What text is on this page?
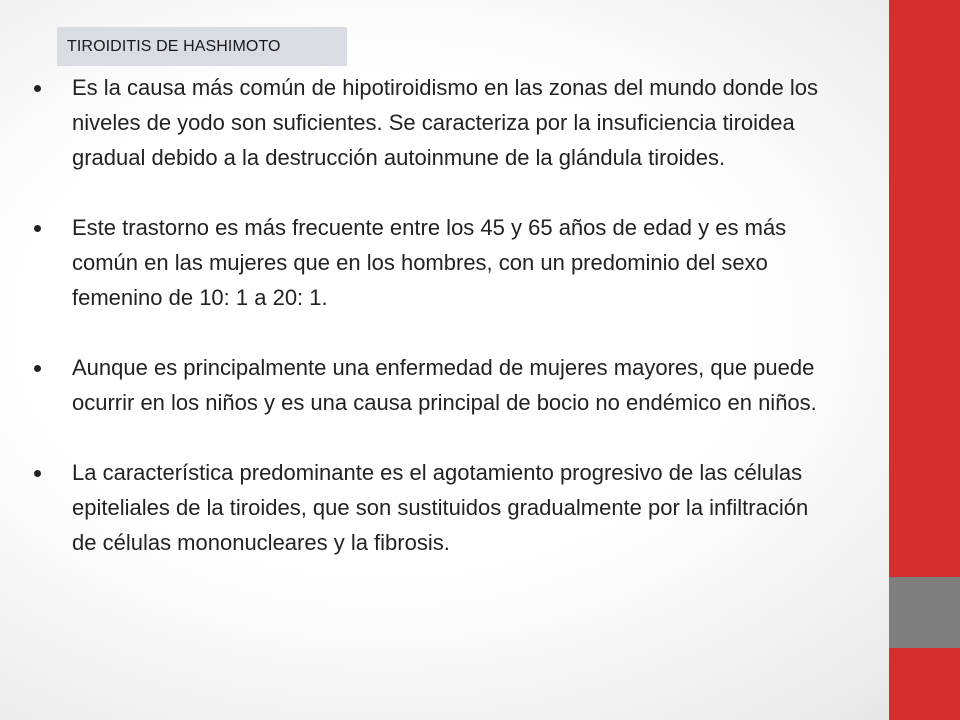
TIROIDITIS DE HASHIMOTO
Es la causa más común de hipotiroidismo en las zonas del mundo donde los niveles de yodo son suficientes. Se caracteriza por la insuficiencia tiroidea gradual debido a la destrucción autoinmune de la glándula tiroides.
Este trastorno es más frecuente entre los 45 y 65 años de edad y es más común en las mujeres que en los hombres, con un predominio del sexo femenino de 10: 1 a 20: 1.
Aunque es principalmente una enfermedad de mujeres mayores, que puede ocurrir en los niños y es una causa principal de bocio no endémico en niños.
La característica predominante es el agotamiento progresivo de las células epiteliales de la tiroides, que son sustituidos gradualmente por la infiltración de células mononucleares y la fibrosis.
